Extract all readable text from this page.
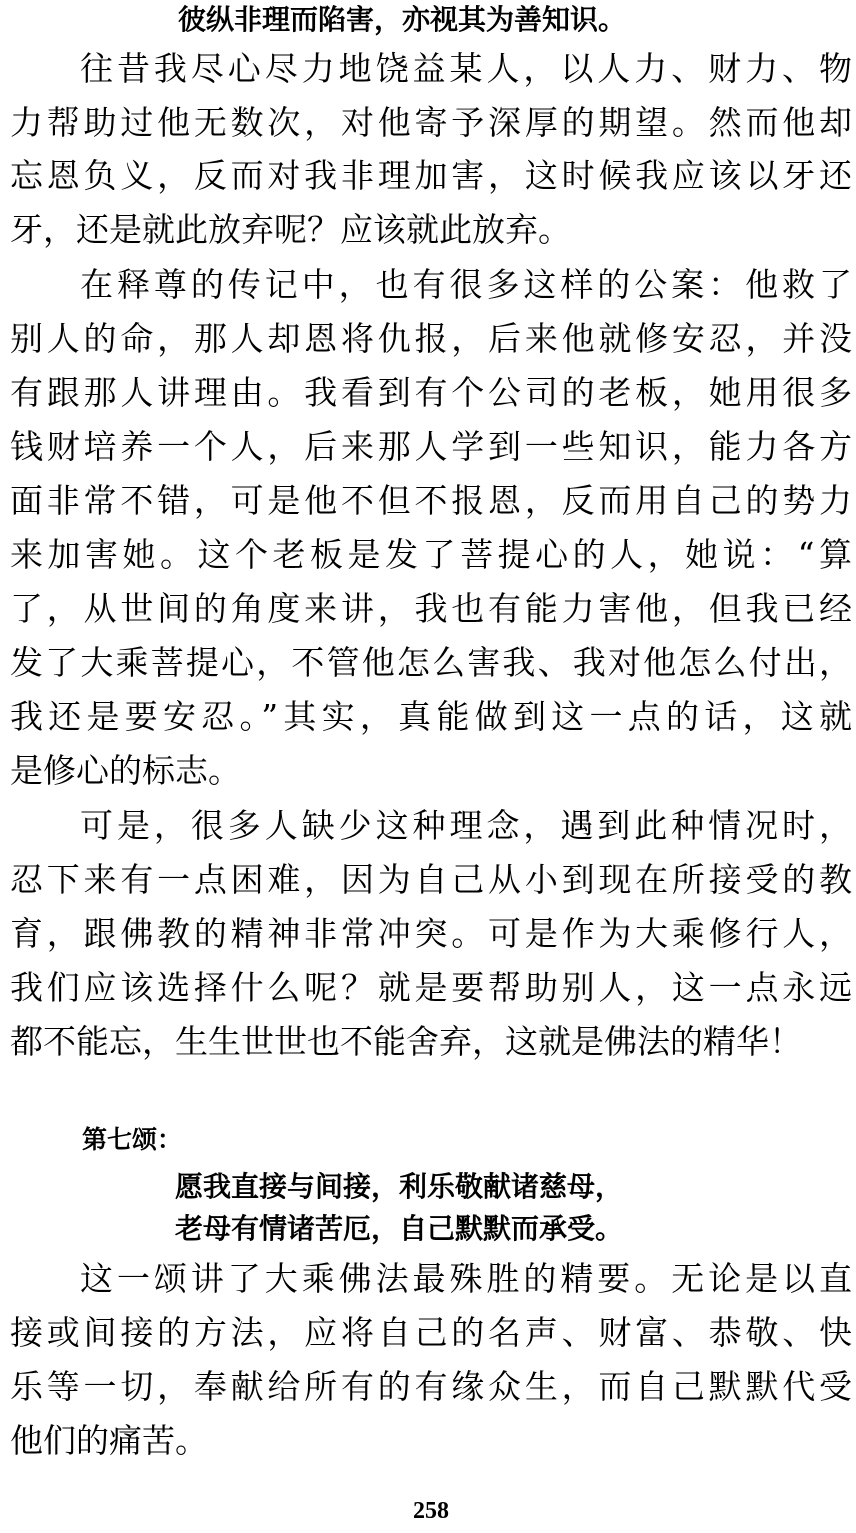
彼纵非理而陷害，亦视其为善知识。
往昔我尽心尽力地饶益某人，以人力、财力、物
力帮助过他无数次，对他寄予深厚的期望。然而他却
忘恩负义，反而对我非理加害，这时候我应该以牙还
牙，还是就此放弃呢？应该就此放弃。
在释尊的传记中，也有很多这样的公案：他救了
别人的命，那人却恩将仇报，后来他就修安忍，并没
有跟那人讲理由。我看到有个公司的老板，她用很多
钱财培养一个人，后来那人学到一些知识，能力各方
面非常不错，可是他不但不报恩，反而用自己的势力
来加害她。这个老板是发了菩提心的人，她说：“算
了，从世间的角度来讲，我也有能力害他，但我已经
发了大乘菩提心，不管他怎么害我、我对他怎么付出，
我还是要安忍。”其实，真能做到这一点的话，这就
是修心的标志。
可是，很多人缺少这种理念，遇到此种情况时，
忍下来有一点困难，因为自己从小到现在所接受的教
育，跟佛教的精神非常冲突。可是作为大乘修行人，
我们应该选择什么呢？就是要帮助别人，这一点永远
都不能忘，生生世世也不能舍弃，这就是佛法的精华！
第七颂：
愿我直接与间接，利乐敬献诸慈母，
老母有情诸苦厄，自己默默而承受。
这一颂讲了大乘佛法最殊胜的精要。无论是以直
接或间接的方法，应将自己的名声、财富、恭敬、快
乐等一切，奉献给所有的有缘众生，而自己默默代受
他们的痛苦。
258
